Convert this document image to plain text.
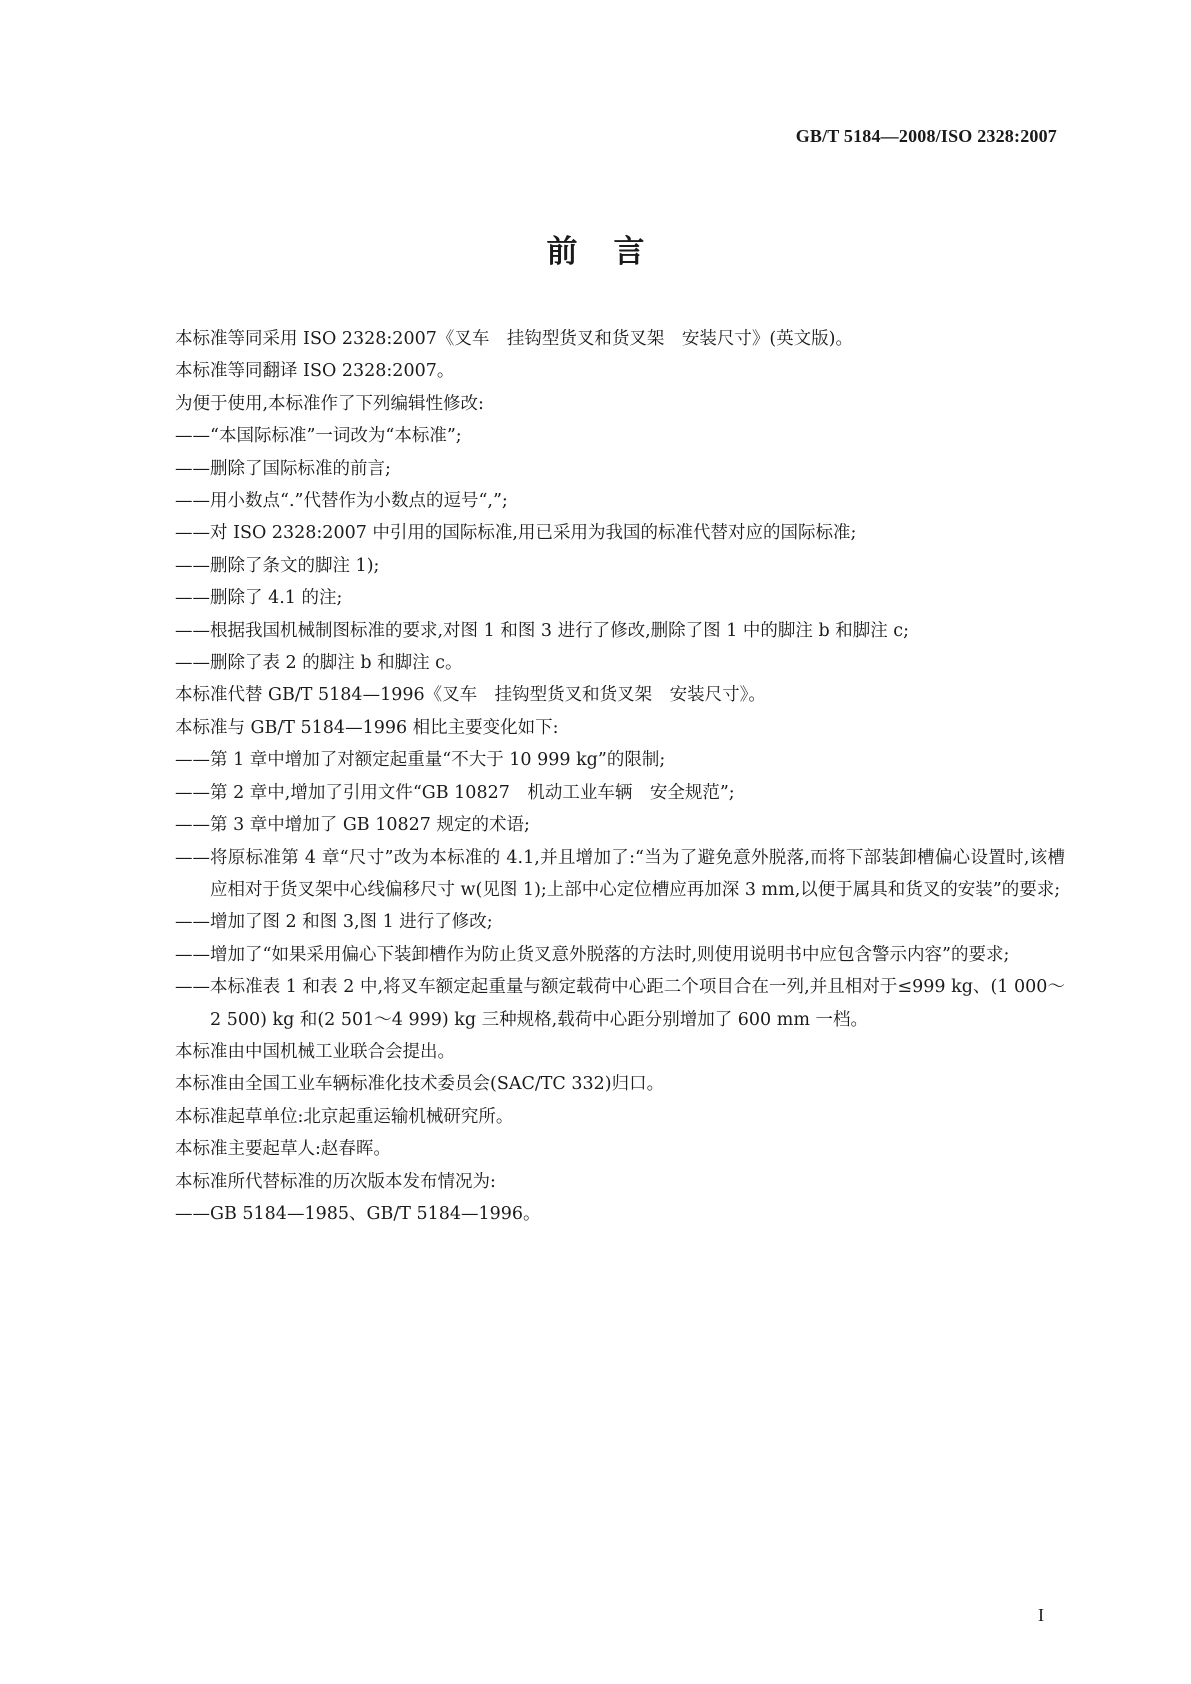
GB/T 5184—2008/ISO 2328:2007
前言

本标准等同采用 ISO 2328:2007《叉车　挂钩型货叉和货叉架　安装尺寸》(英文版)。

本标准等同翻译 ISO 2328:2007。

为便于使用,本标准作了下列编辑性修改:

—— “本国际标准”一词改为“本标准”;
—— 删除了国际标准的前言;
—— 用小数点“.”代替作为小数点的逗号“,”;
—— 对 ISO 2328:2007 中引用的国际标准,用已采用为我国的标准代替对应的国际标准;
—— 删除了条文的脚注 1);
—— 删除了 4.1 的注;
—— 根据我国机械制图标准的要求,对图 1 和图 3 进行了修改,删除了图 1 中的脚注 b 和脚注 c;
—— 删除了表 2 的脚注 b 和脚注 c。

本标准代替 GB/T 5184—1996《叉车　挂钩型货叉和货叉架　安装尺寸》。

本标准与 GB/T 5184—1996 相比主要变化如下:

—— 第 1 章中增加了对额定起重量“不大于 10 999 kg”的限制;
—— 第 2 章中,增加了引用文件“GB 10827　机动工业车辆　安全规范”;
—— 第 3 章中增加了 GB 10827 规定的术语;
—— 将原标准第 4 章“尺寸”改为本标准的 4.1,并且增加了:“当为了避免意外脱落,而将下部装卸槽偏心设置时,该槽应相对于货叉架中心线偏移尺寸 w(见图 1);上部中心定位槽应再加深 3 mm,以便于属具和货叉的安装”的要求;
—— 增加了图 2 和图 3,图 1 进行了修改;
—— 增加了“如果采用偏心下装卸槽作为防止货叉意外脱落的方法时,则使用说明书中应包含警示内容”的要求;
—— 本标准表 1 和表 2 中,将叉车额定起重量与额定载荷中心距二个项目合在一列,并且相对于≤999 kg、(1 000～2 500) kg 和(2 501～4 999) kg 三种规格,载荷中心距分别增加了 600 mm 一档。

本标准由中国机械工业联合会提出。

本标准由全国工业车辆标准化技术委员会(SAC/TC 332)归口。

本标准起草单位:北京起重运输机械研究所。

本标准主要起草人:赵春晖。

本标准所代替标准的历次版本发布情况为:

—— GB 5184—1985、GB/T 5184—1996。
I
